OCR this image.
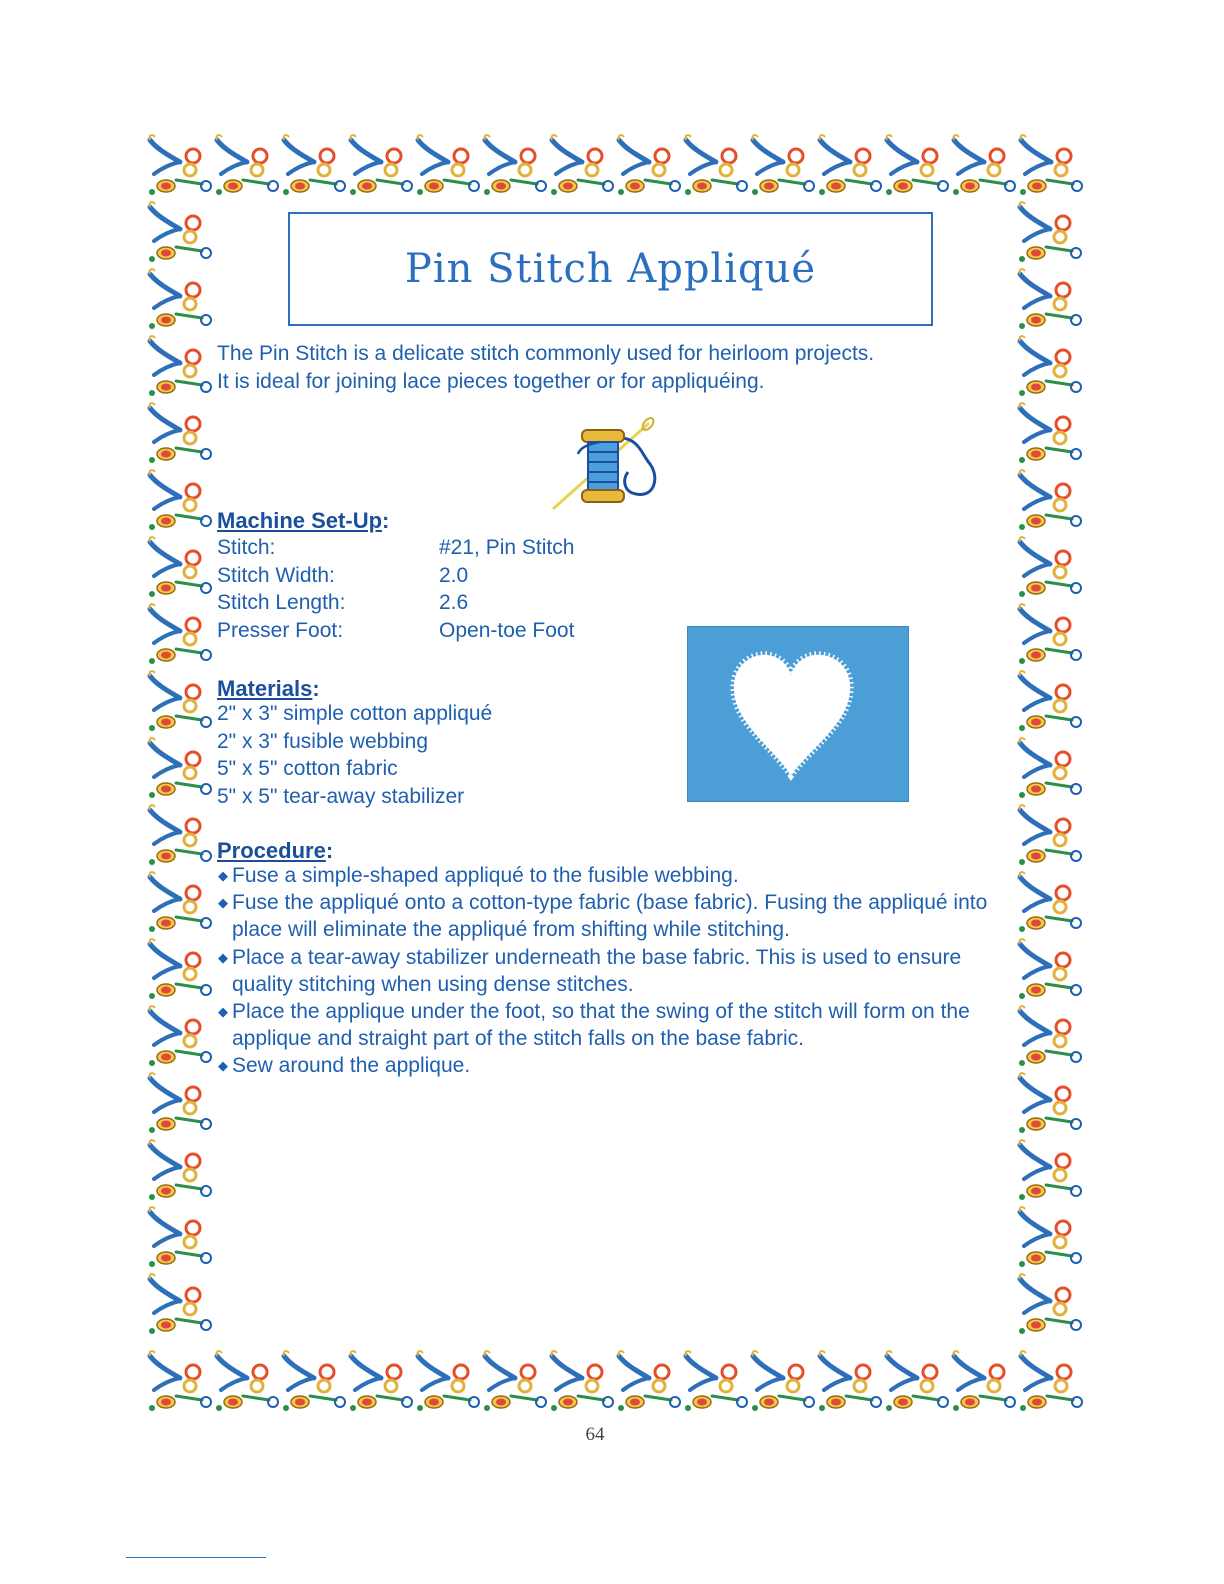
Pin Stitch Appliqué

The Pin Stitch is a delicate stitch commonly used for heirloom projects.

It is ideal for joining lace pieces together or for appliquéing.

Machine Set-Up:
Stitch:	#21, Pin Stitch
Stitch Width:	2.0
Stitch Length:	2.6
Presser Foot:	Open-toe Foot
Materials:
2" x 3" simple cotton appliqué
2" x 3" fusible webbing
5" x 5" cotton fabric
5" x 5" tear-away stabilizer
Procedure:
◆ Fuse a simple-shaped appliqué to the fusible webbing.
◆ Fuse the appliqué onto a cotton-type fabric (base fabric). Fusing the appliqué into place will eliminate the appliqué from shifting while stitching.
◆ Place a tear-away stabilizer underneath the base fabric. This is used to ensure quality stitching when using dense stitches.
◆ Place the applique under the foot, so that the swing of the stitch will form on the applique and straight part of the stitch falls on the base fabric.
◆ Sew around the applique.
64
